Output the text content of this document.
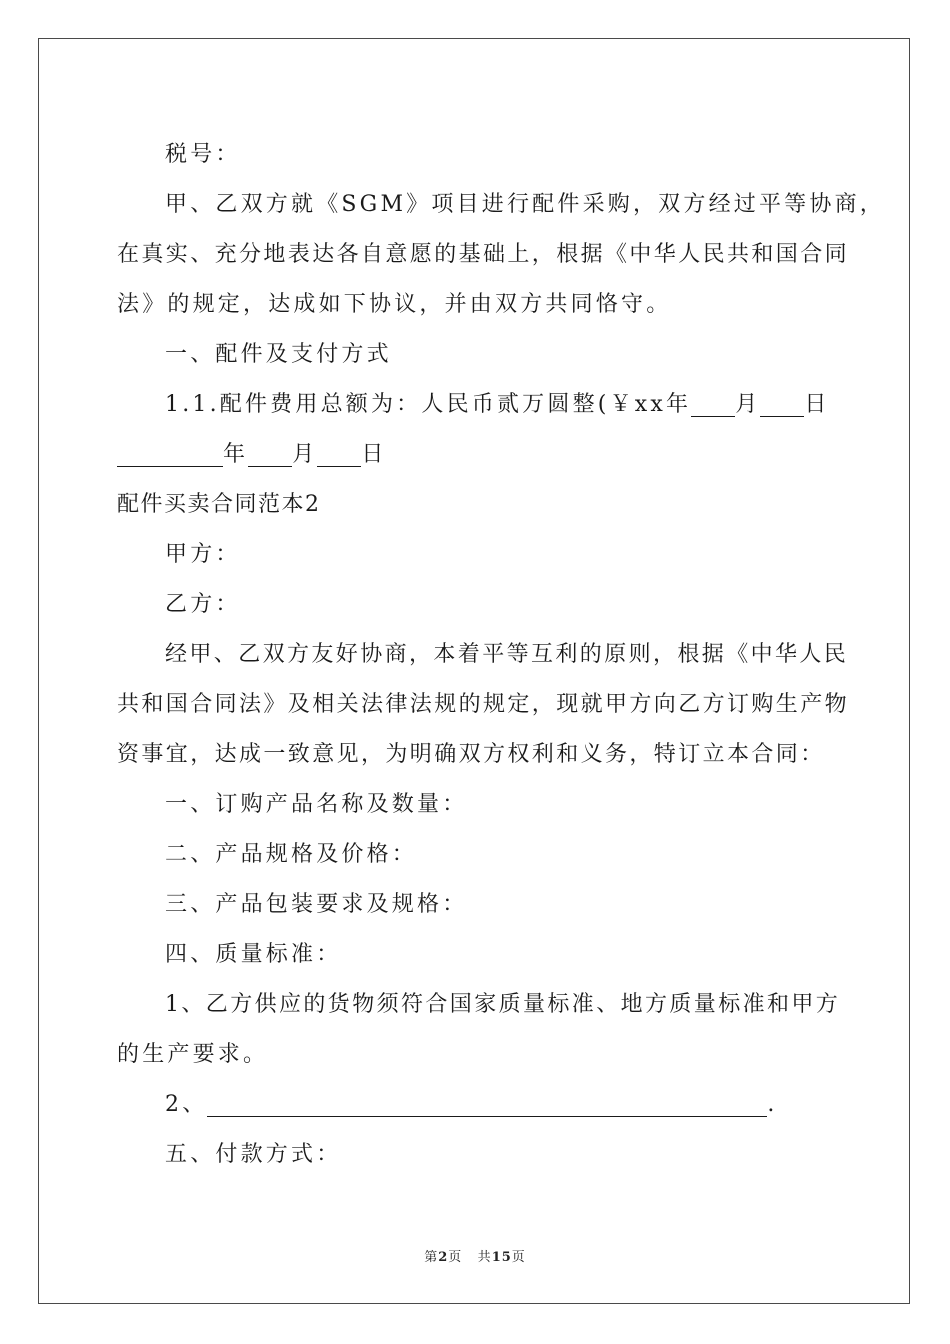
税号：
甲、乙双方就《SGM》项目进行配件采购，双方经过平等协商，
在真实、充分地表达各自意愿的基础上，根据《中华人民共和国合同
法》的规定，达成如下协议，并由双方共同恪守。
一、配件及支付方式
1.1.配件费用总额为：人民币贰万圆整(￥xx年 月 日
年 月 日
配件买卖合同范本2
甲方：
乙方：
经甲、乙双方友好协商，本着平等互利的原则，根据《中华人民
共和国合同法》及相关法律法规的规定，现就甲方向乙方订购生产物
资事宜，达成一致意见，为明确双方权利和义务，特订立本合同：
一、订购产品名称及数量：
二、产品规格及价格：
三、产品包装要求及规格：
四、质量标准：
1、乙方供应的货物须符合国家质量标准、地方质量标准和甲方
的生产要求。
2、	.
五、付款方式：
第2页 共15页
